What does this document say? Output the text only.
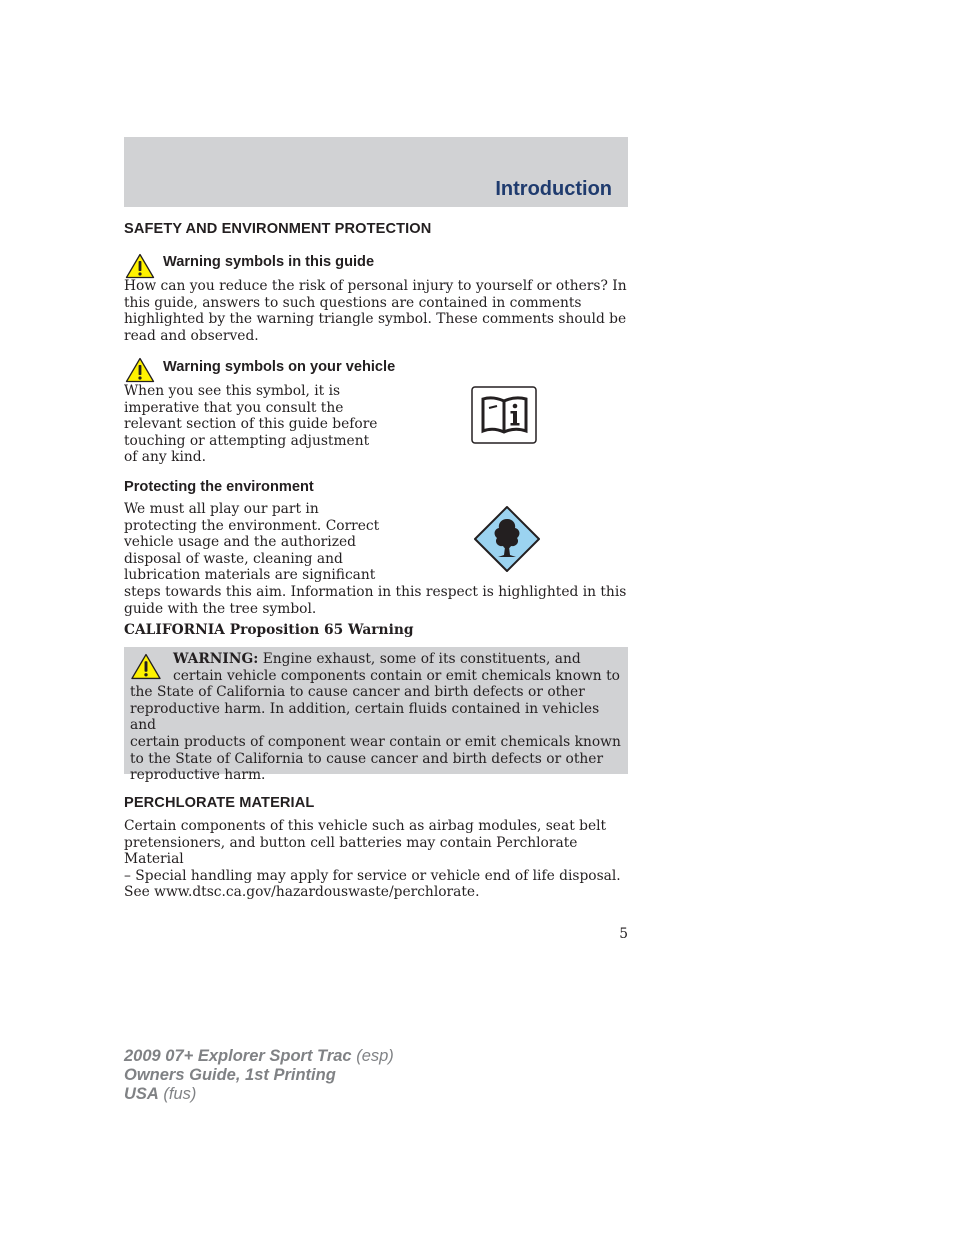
Introduction
SAFETY AND ENVIRONMENT PROTECTION
Warning symbols in this guide
How can you reduce the risk of personal injury to yourself or others? In
this guide, answers to such questions are contained in comments
highlighted by the warning triangle symbol. These comments should be
read and observed.
Warning symbols on your vehicle
When you see this symbol, it is
imperative that you consult the
relevant section of this guide before
touching or attempting adjustment
of any kind.
Protecting the environment
We must all play our part in
protecting the environment. Correct
vehicle usage and the authorized
disposal of waste, cleaning and
lubrication materials are significant
steps towards this aim. Information in this respect is highlighted in this
guide with the tree symbol.
CALIFORNIA Proposition 65 Warning
WARNING: Engine exhaust, some of its constituents, and
certain vehicle components contain or emit chemicals known to
the State of California to cause cancer and birth defects or other
reproductive harm. In addition, certain fluids contained in vehicles and
certain products of component wear contain or emit chemicals known
to the State of California to cause cancer and birth defects or other
reproductive harm.
PERCHLORATE MATERIAL
Certain components of this vehicle such as airbag modules, seat belt
pretensioners, and button cell batteries may contain Perchlorate Material
– Special handling may apply for service or vehicle end of life disposal.
See www.dtsc.ca.gov/hazardouswaste/perchlorate.
5
2009 07+ Explorer Sport Trac (esp)
Owners Guide, 1st Printing
USA (fus)
